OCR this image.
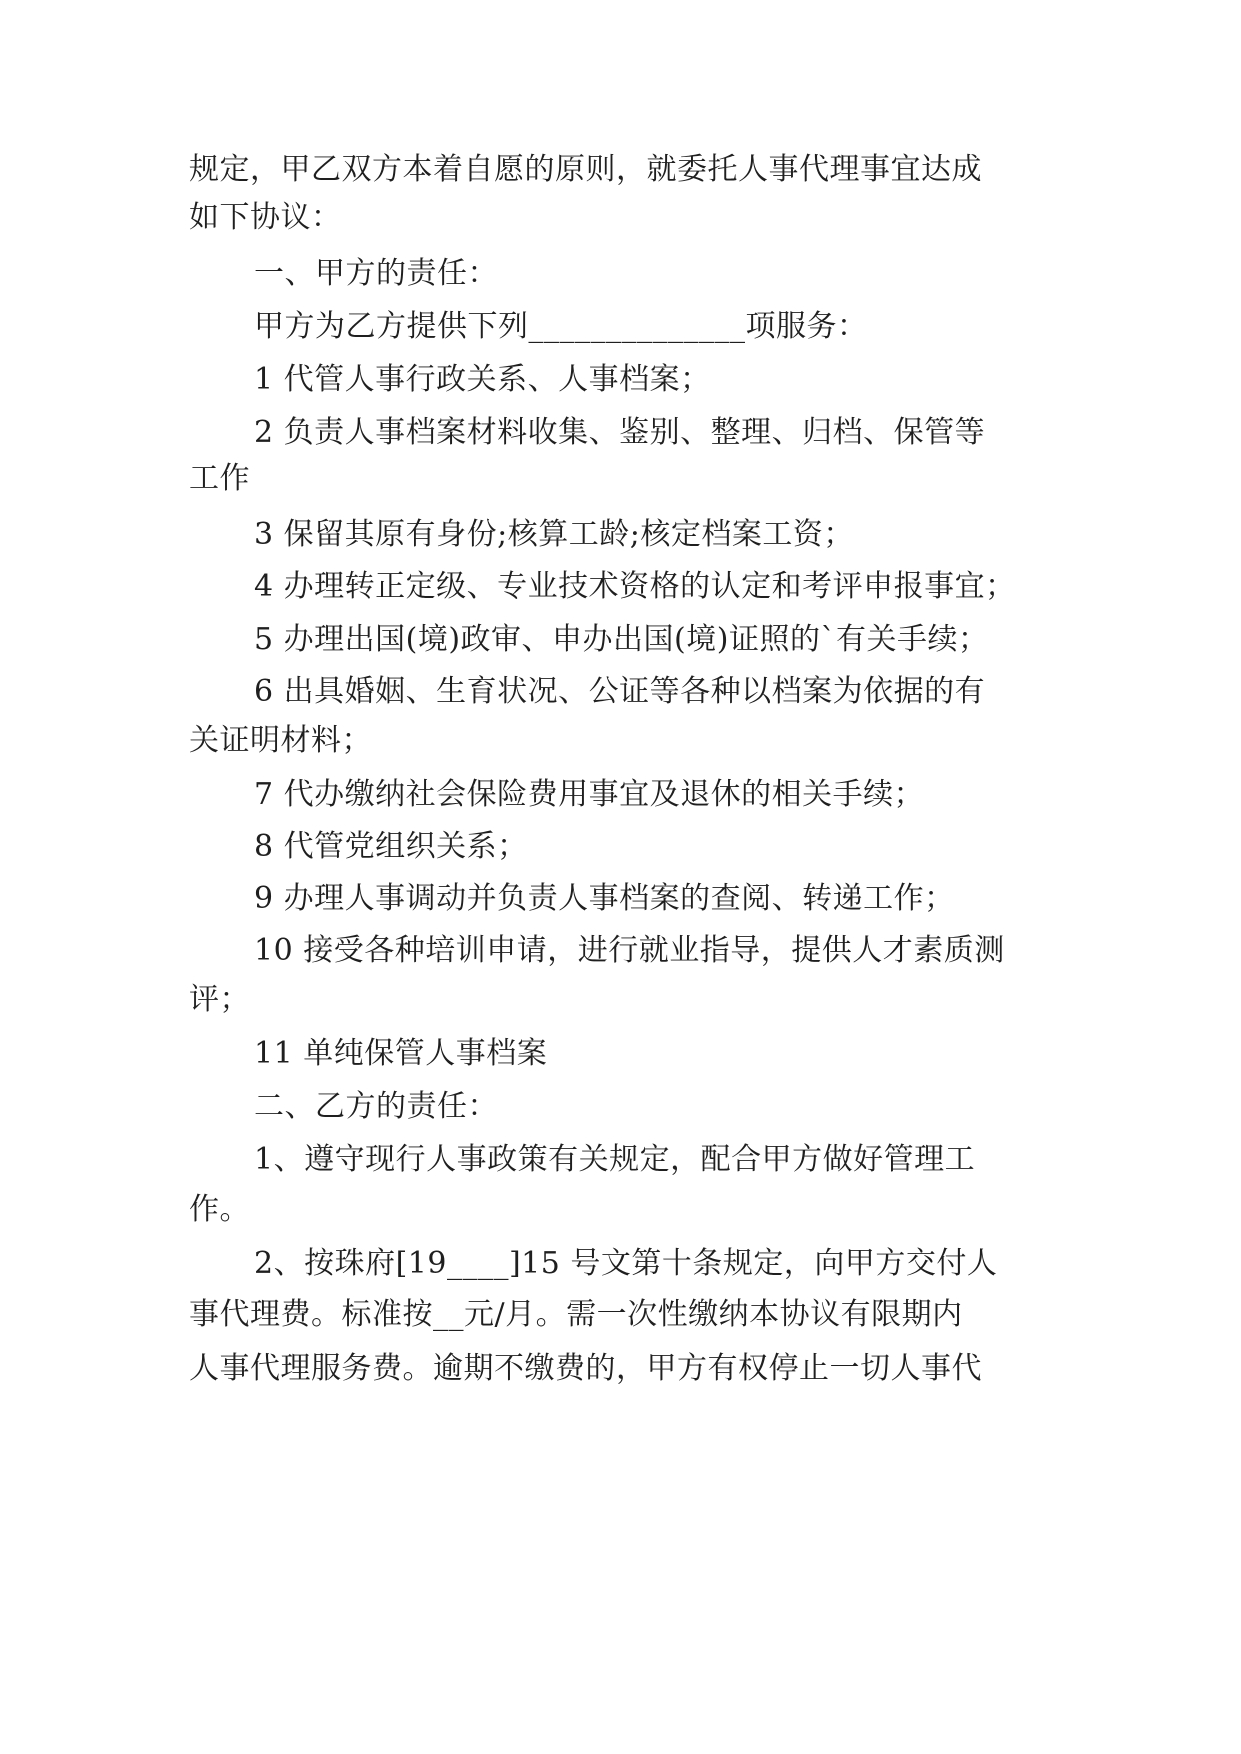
规定，甲乙双方本着自愿的原则，就委托人事代理事宜达成
如下协议：
一、甲方的责任：
甲方为乙方提供下列______________项服务：
1 代管人事行政关系、人事档案；
2 负责人事档案材料收集、鉴别、整理、归档、保管等
工作
3 保留其原有身份;核算工龄;核定档案工资；
4 办理转正定级、专业技术资格的认定和考评申报事宜；
5 办理出国(境)政审、申办出国(境)证照的`有关手续；
6 出具婚姻、生育状况、公证等各种以档案为依据的有
关证明材料；
7 代办缴纳社会保险费用事宜及退休的相关手续；
8 代管党组织关系；
9 办理人事调动并负责人事档案的查阅、转递工作；
10 接受各种培训申请，进行就业指导，提供人才素质测
评；
11 单纯保管人事档案
二、乙方的责任：
1、遵守现行人事政策有关规定，配合甲方做好管理工
作。
2、按珠府[19____]15 号文第十条规定，向甲方交付人
事代理费。标准按__元/月。需一次性缴纳本协议有限期内
人事代理服务费。逾期不缴费的，甲方有权停止一切人事代
